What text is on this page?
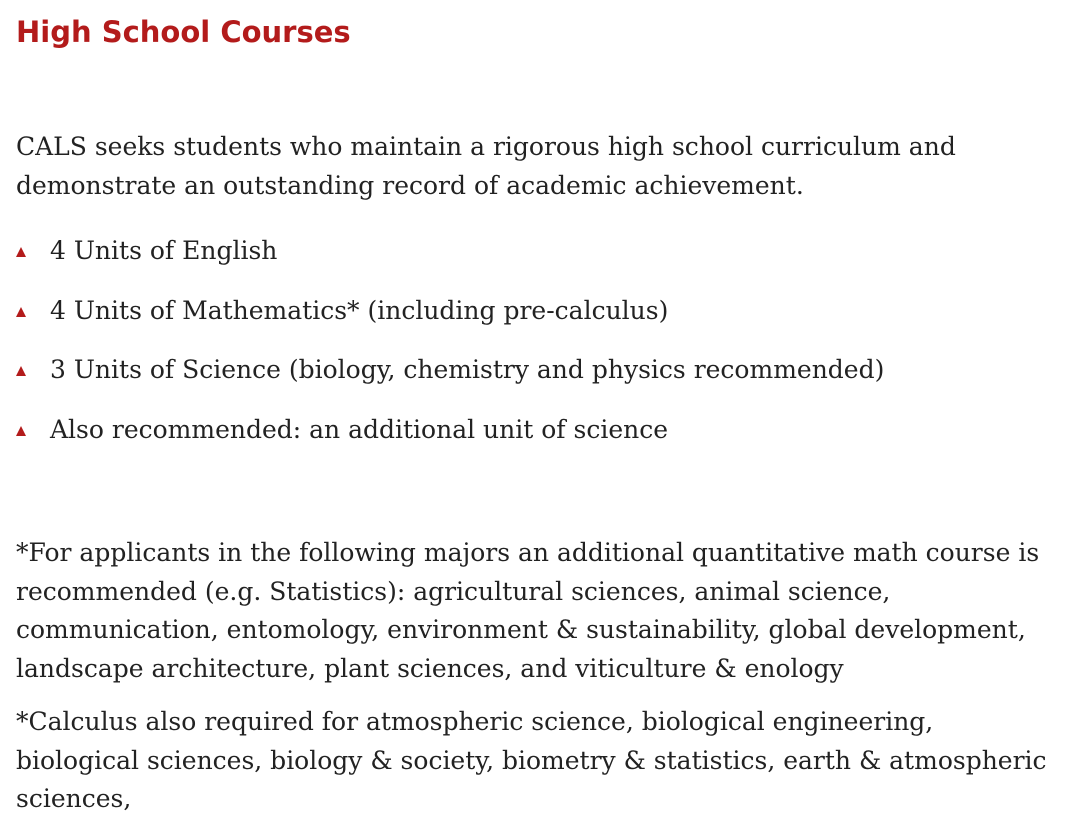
High School Courses

CALS seeks students who maintain a rigorous high school curriculum and demonstrate an outstanding record of academic achievement.

4 Units of English
4 Units of Mathematics* (including pre-calculus)
3 Units of Science (biology, chemistry and physics recommended)
Also recommended: an additional unit of science

*For applicants in the following majors an additional quantitative math course is recommended (e.g. Statistics): agricultural sciences, animal science, communication, entomology, environment & sustainability, global development, landscape architecture, plant sciences, and viticulture & enology

*Calculus also required for atmospheric science, biological engineering, biological sciences, biology & society, biometry & statistics, earth & atmospheric sciences,
